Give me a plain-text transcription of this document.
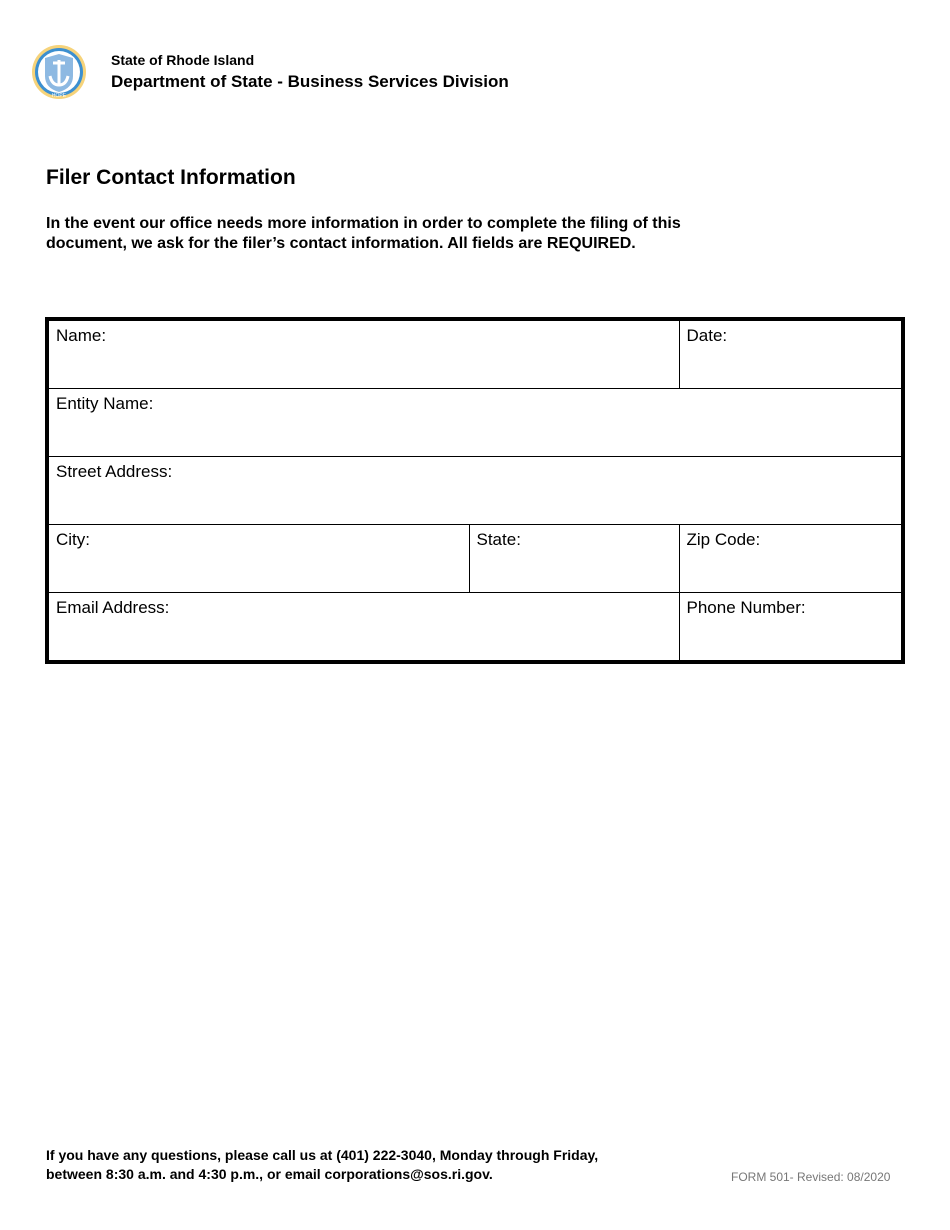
HOPE
State of Rhode Island
Department of State - Business Services Division
Filer Contact Information
In the event our office needs more information in order to complete the filing of this
document, we ask for the filer’s contact information. All fields are REQUIRED.
Name:		Date:
Entity Name:		
Street Address:		
City:	State:	Zip Code:
Email Address:		Phone Number:
If you have any questions, please call us at (401) 222-3040, Monday through Friday,
between 8:30 a.m. and 4:30 p.m., or email corporations@sos.ri.gov.	FORM 501- Revised: 08/2020
